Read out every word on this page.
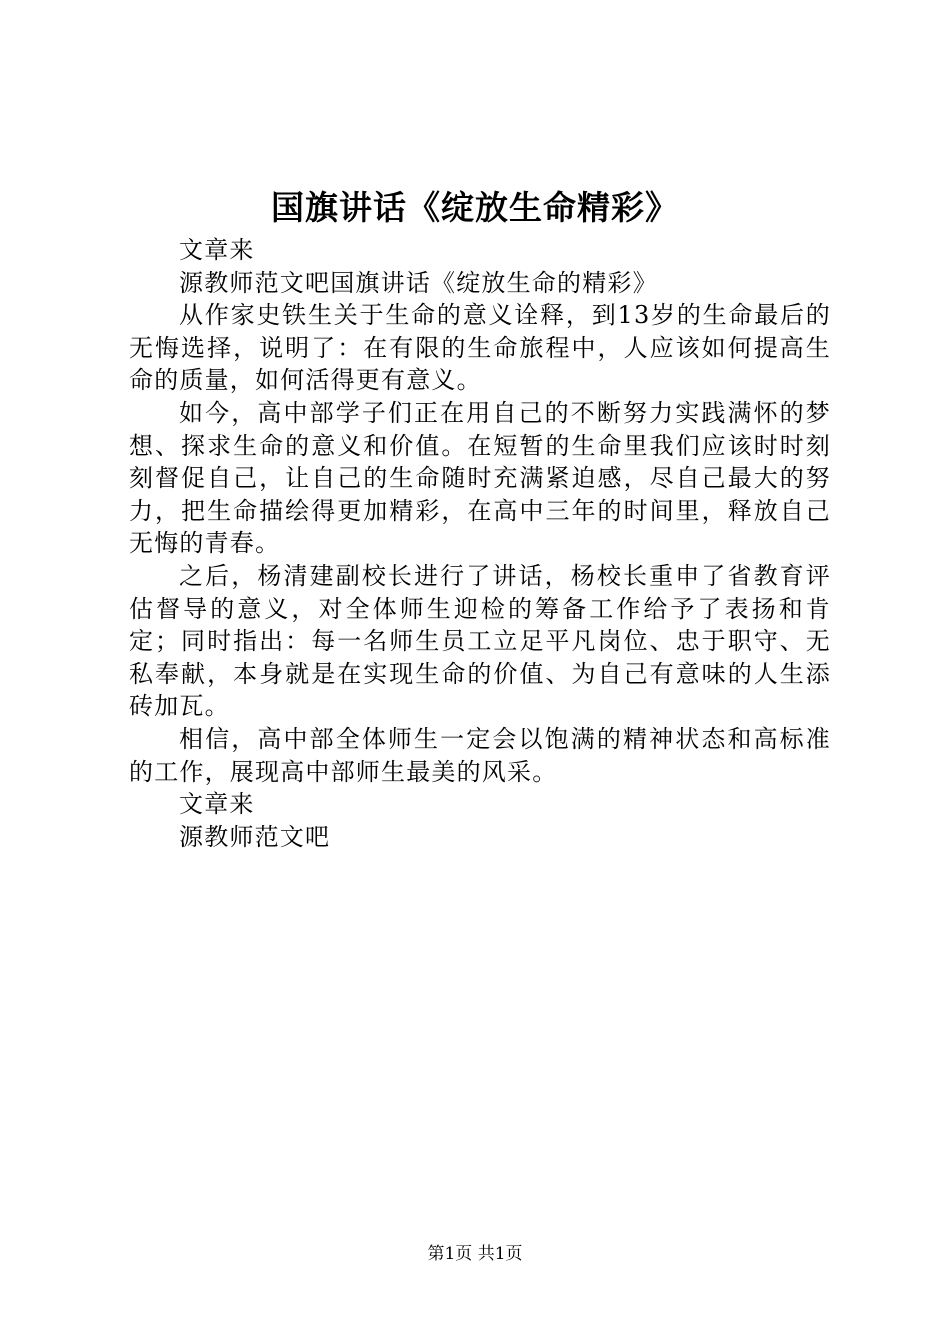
国旗讲话《绽放生命精彩》

文章来

源教师范文吧国旗讲话《绽放生命的精彩》

从作家史铁生关于生命的意义诠释，到13岁的生命最后的无悔选择，说明了：在有限的生命旅程中，人应该如何提高生命的质量，如何活得更有意义。

如今，高中部学子们正在用自己的不断努力实践满怀的梦想、探求生命的意义和价值。在短暂的生命里我们应该时时刻刻督促自己，让自己的生命随时充满紧迫感，尽自己最大的努力，把生命描绘得更加精彩，在高中三年的时间里，释放自己无悔的青春。

之后，杨清建副校长进行了讲话，杨校长重申了省教育评估督导的意义，对全体师生迎检的筹备工作给予了表扬和肯定；同时指出：每一名师生员工立足平凡岗位、忠于职守、无私奉献，本身就是在实现生命的价值、为自己有意味的人生添砖加瓦。

相信，高中部全体师生一定会以饱满的精神状态和高标准的工作，展现高中部师生最美的风采。

文章来

源教师范文吧

第1页 共1页
